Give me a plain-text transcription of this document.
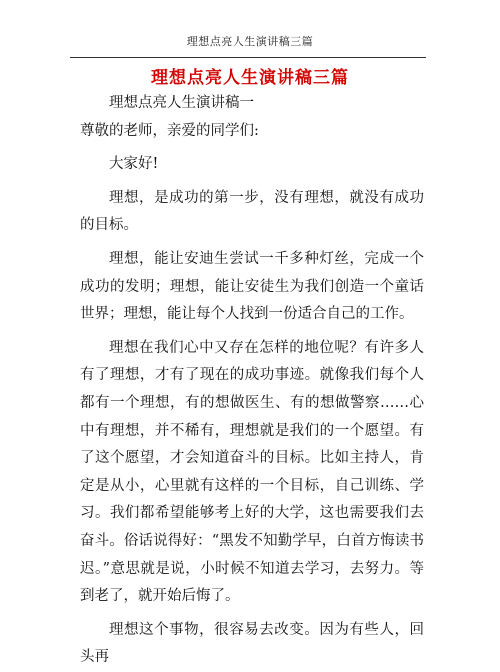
理想点亮人生演讲稿三篇
理想点亮人生演讲稿三篇

理想点亮人生演讲稿一

尊敬的老师，亲爱的同学们:

大家好!

理想，是成功的第一步，没有理想，就没有成功的目标。

理想，能让安迪生尝试一千多种灯丝，完成一个成功的发明；理想，能让安徒生为我们创造一个童话世界；理想，能让每个人找到一份适合自己的工作。

理想在我们心中又存在怎样的地位呢？有许多人有了理想，才有了现在的成功事迹。就像我们每个人都有一个理想，有的想做医生、有的想做警察……心中有理想，并不稀有，理想就是我们的一个愿望。有了这个愿望，才会知道奋斗的目标。比如主持人，肯定是从小，心里就有这样的一个目标，自己训练、学习。我们都希望能够考上好的大学，这也需要我们去奋斗。俗话说得好：“黑发不知勤学早，白首方悔读书迟。”意思就是说，小时候不知道去学习，去努力。等到老了，就开始后悔了。

理想这个事物，很容易去改变。因为有些人，回头再
